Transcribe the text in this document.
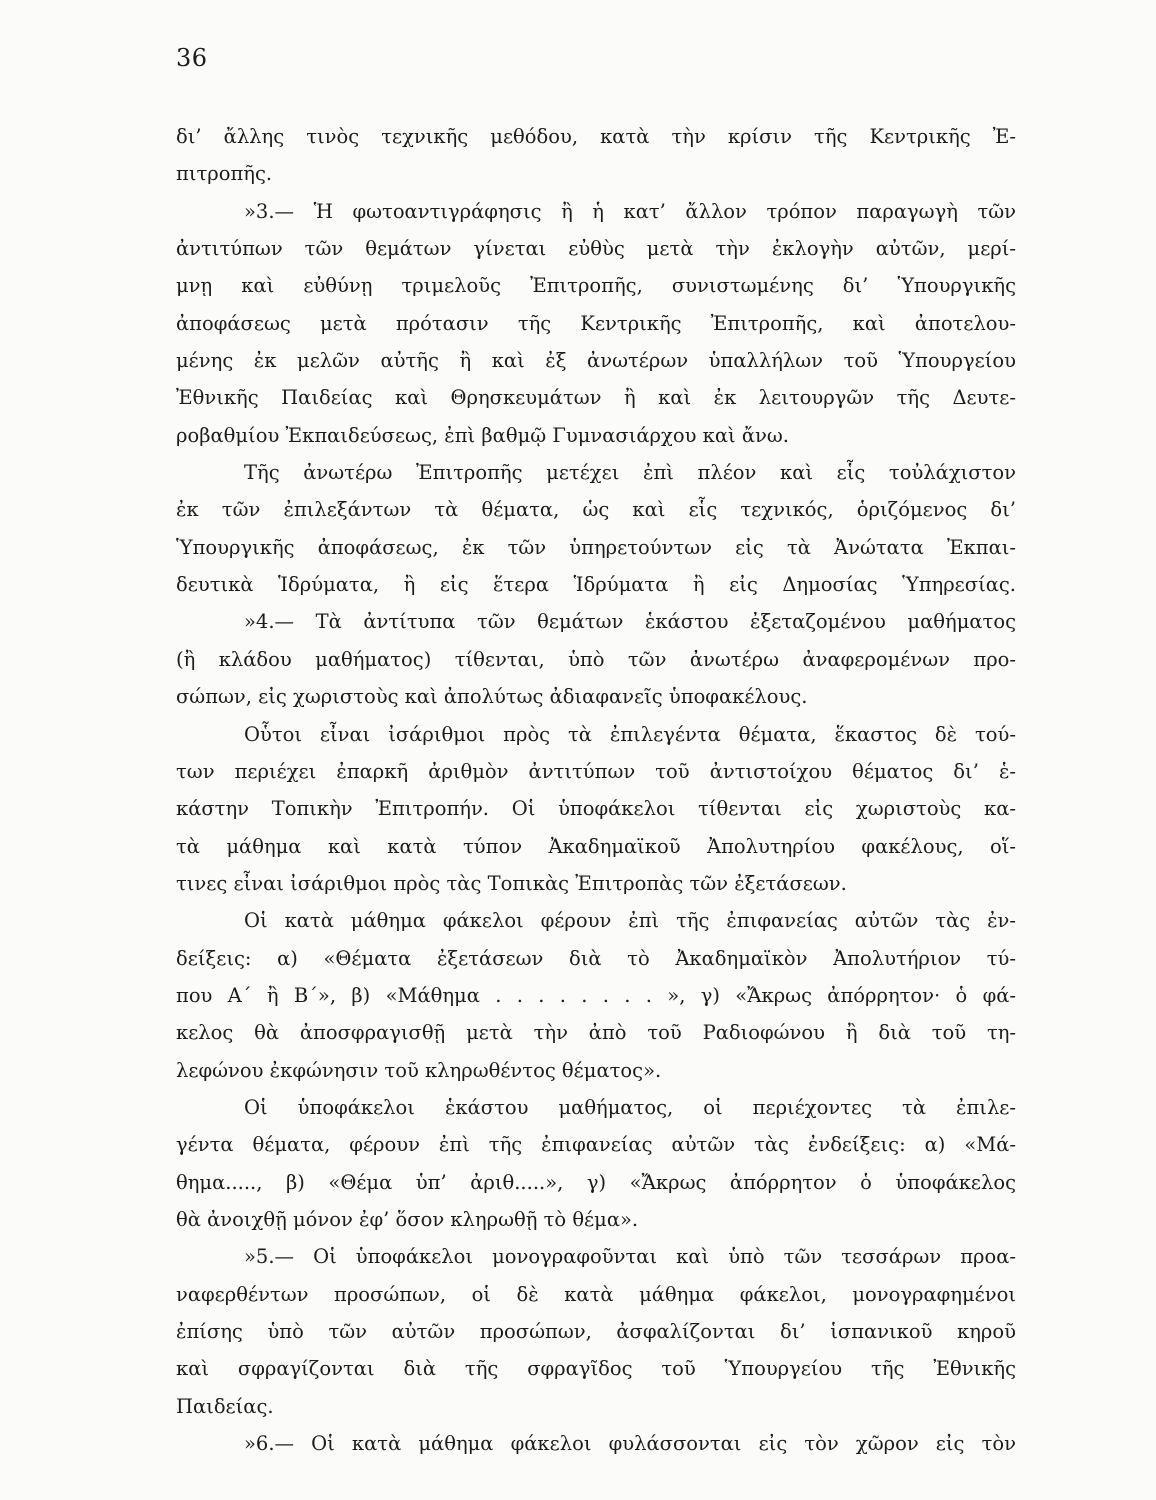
36
δι’ ἄλλης τινὸς τεχνικῆς μεθόδου, κατὰ τὴν κρίσιν τῆς Κεντρικῆς Ἐ-
πιτροπῆς.
»3.— Ἡ φωτοαντιγράφησις ἢ ἡ κατ’ ἄλλον τρόπον παραγωγὴ τῶν
ἀντιτύπων τῶν θεμάτων γίνεται εὐθὺς μετὰ τὴν ἐκλογὴν αὐτῶν, μερί-
μνῃ καὶ εὐθύνῃ τριμελοῦς Ἐπιτροπῆς, συνιστωμένης δι’ Ὑπουργικῆς
ἀποφάσεως μετὰ πρότασιν τῆς Κεντρικῆς Ἐπιτροπῆς, καὶ ἀποτελου-
μένης ἐκ μελῶν αὐτῆς ἢ καὶ ἐξ ἀνωτέρων ὑπαλλήλων τοῦ Ὑπουργείου
Ἐθνικῆς Παιδείας καὶ Θρησκευμάτων ἢ καὶ ἐκ λειτουργῶν τῆς Δευτε-
ροβαθμίου Ἐκπαιδεύσεως, ἐπὶ βαθμῷ Γυμνασιάρχου καὶ ἄνω.
Τῆς ἀνωτέρω Ἐπιτροπῆς μετέχει ἐπὶ πλέον καὶ εἷς τοὐλάχιστον
ἐκ τῶν ἐπιλεξάντων τὰ θέματα, ὡς καὶ εἷς τεχνικός, ὁριζόμενος δι’
Ὑπουργικῆς ἀποφάσεως, ἐκ τῶν ὑπηρετούντων εἰς τὰ Ἀνώτατα Ἐκπαι-
δευτικὰ Ἱδρύματα, ἢ εἰς ἕτερα Ἱδρύματα ἢ εἰς Δημοσίας Ὑπηρεσίας.
»4.— Τὰ ἀντίτυπα τῶν θεμάτων ἑκάστου ἐξεταζομένου μαθήματος
(ἢ κλάδου μαθήματος) τίθενται, ὑπὸ τῶν ἀνωτέρω ἀναφερομένων προ-
σώπων, εἰς χωριστοὺς καὶ ἀπολύτως ἀδιαφανεῖς ὑποφακέλους.
Οὗτοι εἶναι ἰσάριθμοι πρὸς τὰ ἐπιλεγέντα θέματα, ἕκαστος δὲ τού-
των περιέχει ἐπαρκῆ ἀριθμὸν ἀντιτύπων τοῦ ἀντιστοίχου θέματος δι’ ἑ-
κάστην Τοπικὴν Ἐπιτροπήν. Οἱ ὑποφάκελοι τίθενται εἰς χωριστοὺς κα-
τὰ μάθημα καὶ κατὰ τύπον Ἀκαδημαϊκοῦ Ἀπολυτηρίου φακέλους, οἵ-
τινες εἶναι ἰσάριθμοι πρὸς τὰς Τοπικὰς Ἐπιτροπὰς τῶν ἐξετάσεων.
Οἱ κατὰ μάθημα φάκελοι φέρουν ἐπὶ τῆς ἐπιφανείας αὐτῶν τὰς ἐν-
δείξεις: α) «Θέματα ἐξετάσεων διὰ τὸ Ἀκαδημαϊκὸν Ἀπολυτήριον τύ-
που Α΄ ἢ Β΄», β) «Μάθημα . . . . . . . . », γ) «Ἄκρως ἀπόρρητον· ὁ φά-
κελος θὰ ἀποσφραγισθῇ μετὰ τὴν ἀπὸ τοῦ Ραδιοφώνου ἢ διὰ τοῦ τη-
λεφώνου ἐκφώνησιν τοῦ κληρωθέντος θέματος».
Οἱ ὑποφάκελοι ἑκάστου μαθήματος, οἱ περιέχοντες τὰ ἐπιλε-
γέντα θέματα, φέρουν ἐπὶ τῆς ἐπιφανείας αὐτῶν τὰς ἐνδείξεις: α) «Μά-
θημα....., β) «Θέμα ὑπ’ ἀριθ.....», γ) «Ἄκρως ἀπόρρητον ὁ ὑποφάκελος
θὰ ἀνοιχθῇ μόνον ἐφ’ ὅσον κληρωθῇ τὸ θέμα».
»5.— Οἱ ὑποφάκελοι μονογραφοῦνται καὶ ὑπὸ τῶν τεσσάρων προα-
ναφερθέντων προσώπων, οἱ δὲ κατὰ μάθημα φάκελοι, μονογραφημένοι
ἐπίσης ὑπὸ τῶν αὐτῶν προσώπων, ἀσφαλίζονται δι’ ἱσπανικοῦ κηροῦ
καὶ σφραγίζονται διὰ τῆς σφραγῖδος τοῦ Ὑπουργείου τῆς Ἐθνικῆς
Παιδείας.
»6.— Οἱ κατὰ μάθημα φάκελοι φυλάσσονται εἰς τὸν χῶρον εἰς τὸν
